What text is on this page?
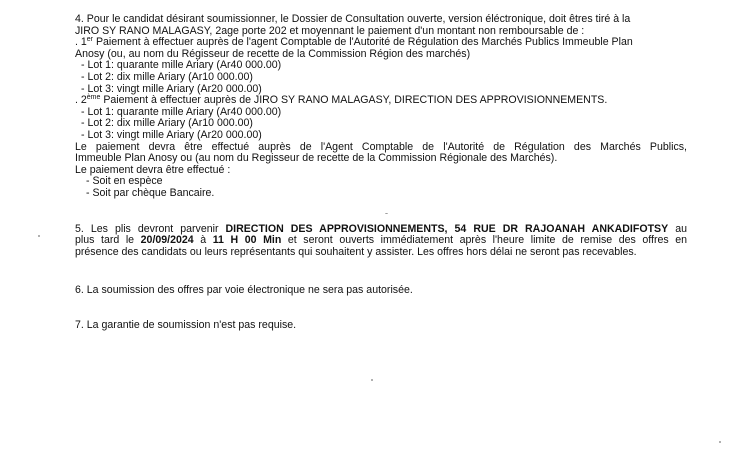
4. Pour le candidat désirant soumissionner, le Dossier de Consultation ouverte, version éléctronique, doit êtres tiré à la
JIRO SY RANO MALAGASY, 2age porte 202 et moyennant le paiement d'un montant non remboursable de :
. 1er Paiement à effectuer auprès de l'agent Comptable de l'Autorité de Régulation des Marchés Publics Immeuble Plan
Anosy (ou, au nom du Régisseur de recette de la Commission Région des marchés)
- Lot 1: quarante mille Ariary (Ar40 000.00)
- Lot 2: dix mille Ariary (Ar10 000.00)
- Lot 3: vingt mille Ariary (Ar20 000.00)
. 2ème Paiement à effectuer auprès de JIRO SY RANO MALAGASY, DIRECTION DES APPROVISIONNEMENTS.
- Lot 1: quarante mille Ariary (Ar40 000.00)
- Lot 2: dix mille Ariary (Ar10 000.00)
- Lot 3: vingt mille Ariary (Ar20 000.00)
Le paiement devra être effectué auprès de l'Agent Comptable de l'Autorité de Régulation des Marchés Publics,
Immeuble Plan Anosy ou (au nom du Regisseur de recette de la Commission Régionale des Marchés).
Le paiement devra être effectué :
- Soit en espèce
- Soit par chèque Bancaire.
5. Les plis devront parvenir DIRECTION DES APPROVISIONNEMENTS, 54 RUE DR RAJOANAH ANKADIFOTSY au
plus tard le 20/09/2024 à 11 H 00 Min et seront ouverts immédiatement après l'heure limite de remise des offres en
présence des candidats ou leurs représentants qui souhaitent y assister. Les offres hors délai ne seront pas recevables.
6. La soumission des offres par voie électronique ne sera pas autorisée.
7. La garantie de soumission n'est pas requise.
